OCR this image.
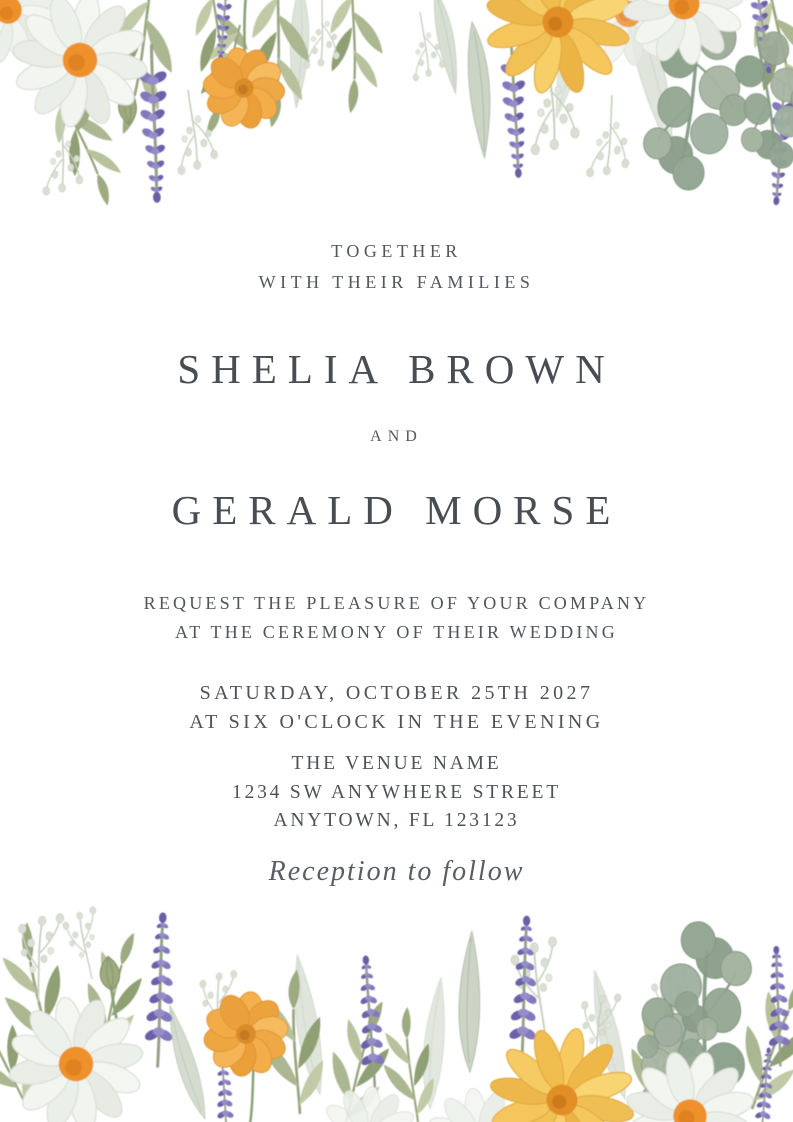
TOGETHER
WITH THEIR FAMILIES
SHELIA BROWN
AND
GERALD MORSE
REQUEST THE PLEASURE OF YOUR COMPANY
AT THE CEREMONY OF THEIR WEDDING
SATURDAY, OCTOBER 25TH 2027
AT SIX O'CLOCK IN THE EVENING
THE VENUE NAME
1234 SW ANYWHERE STREET
ANYTOWN, FL 123123
Reception to follow
